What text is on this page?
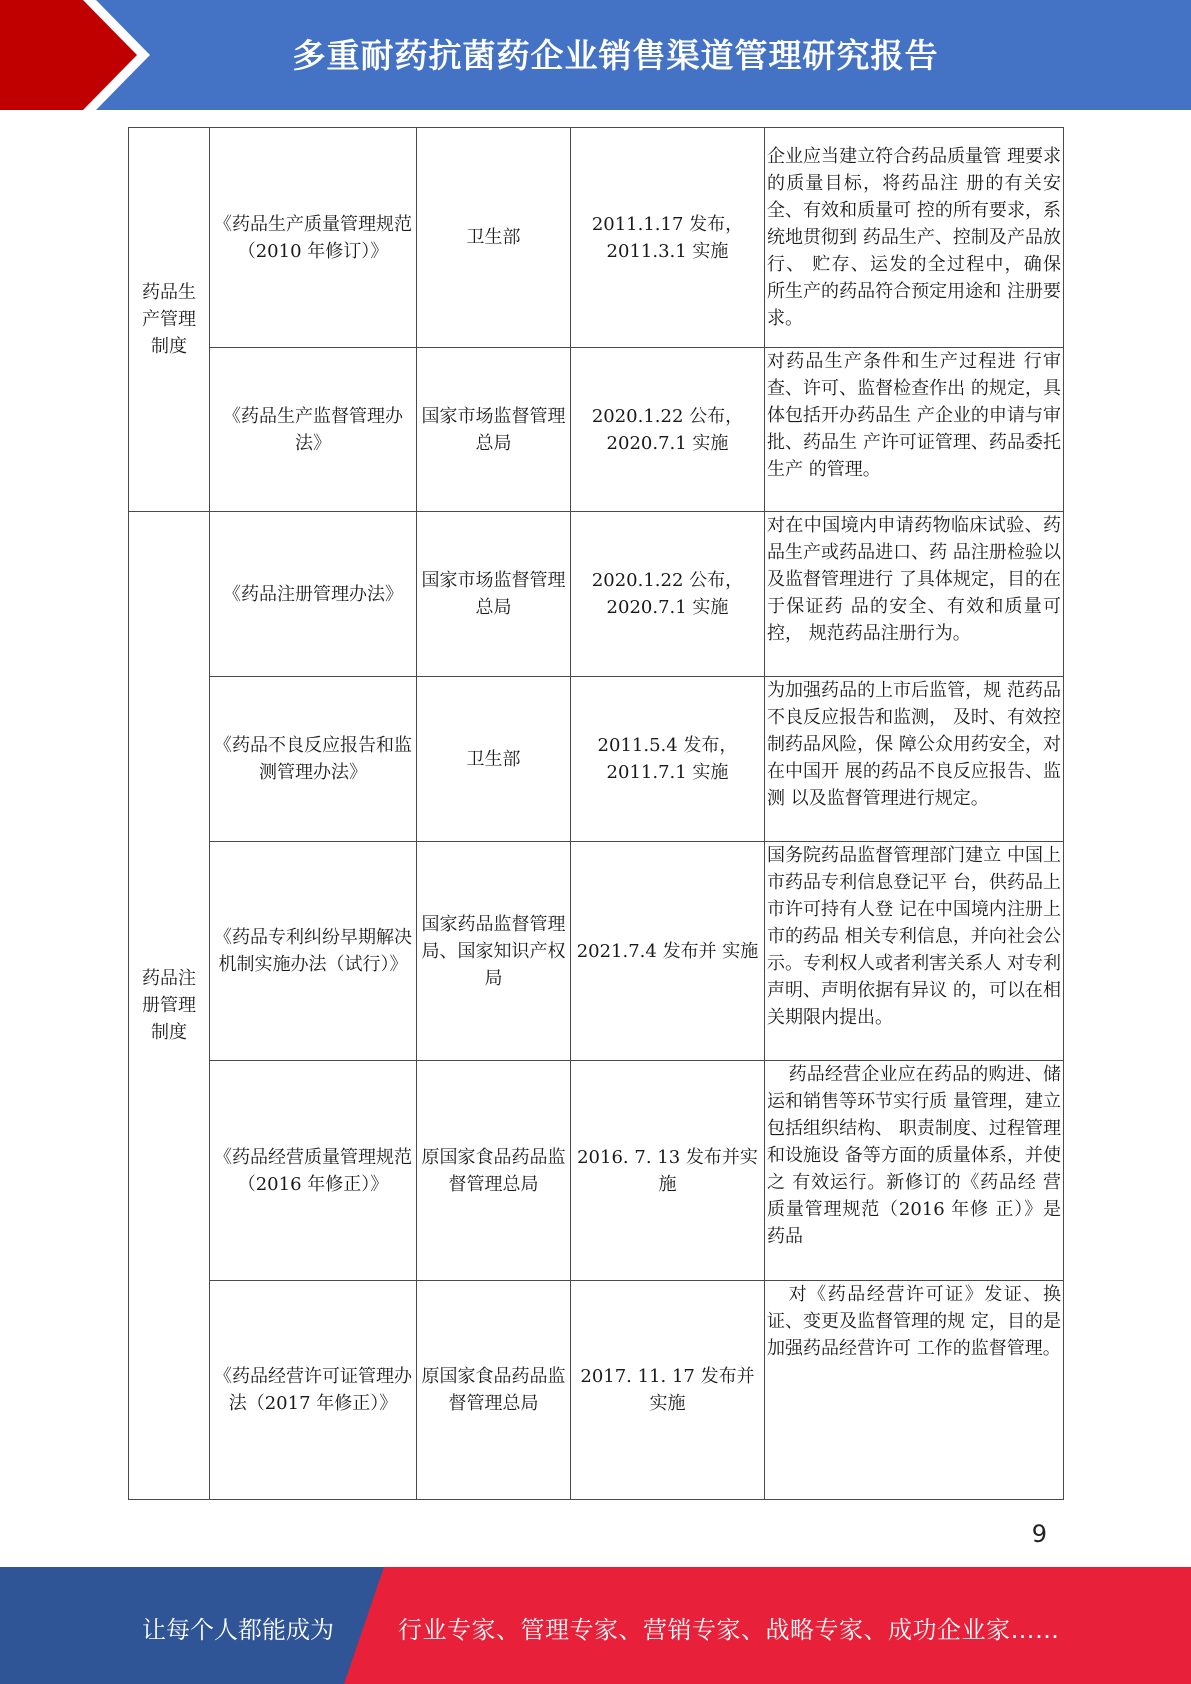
多重耐药抗菌药企业销售渠道管理研究报告
药品生
产管理
制度	《药品生产质量管理规范（2010 年修订）》	卫生部	2011.1.17 发布，2011.3.1 实施	企业应当建立符合药品质量管 理要求的质量目标，将药品注 册的有关安全、有效和质量可 控的所有要求，系统地贯彻到 药品生产、控制及产品放行、 贮存、运发的全过程中，确保 所生产的药品符合预定用途和 注册要求。
	《药品生产监督管理办法》	国家市场监督管理总局	2020.1.22 公布，2020.7.1 实施	对药品生产条件和生产过程进 行审查、许可、监督检查作出 的规定，具体包括开办药品生 产企业的申请与审批、药品生 产许可证管理、药品委托生产 的管理。
药品注
册管理
制度	《药品注册管理办法》	国家市场监督管理总局	2020.1.22 公布，2020.7.1 实施	对在中国境内申请药物临床试验、药品生产或药品进口、药 品注册检验以及监督管理进行 了具体规定，目的在于保证药 品的安全、有效和质量可控， 规范药品注册行为。
	《药品不良反应报告和监测管理办法》	卫生部	2011.5.4 发布，2011.7.1 实施	为加强药品的上市后监管，规 范药品不良反应报告和监测， 及时、有效控制药品风险，保 障公众用药安全，对在中国开 展的药品不良反应报告、监测 以及监督管理进行规定。
	《药品专利纠纷早期解决机制实施办法（试行）》	国家药品监督管理局、国家知识产权局	2021.7.4 发布并 实施	国务院药品监督管理部门建立 中国上市药品专利信息登记平 台，供药品上市许可持有人登 记在中国境内注册上市的药品 相关专利信息，并向社会公 示。专利权人或者利害关系人 对专利声明、声明依据有异议 的，可以在相关期限内提出。
	《药品经营质量管理规范（2016 年修正）》	原国家食品药品监督管理总局	2016. 7. 13 发布并实施	药品经营企业应在药品的购进、储运和销售等环节实行质 量管理，建立包括组织结构、 职责制度、过程管理和设施设 备等方面的质量体系，并使之 有效运行。新修订的《药品经 营质量管理规范（2016 年修 正）》是药品
	《药品经营许可证管理办法（2017 年修正）》	原国家食品药品监督管理总局	2017. 11. 17 发布并实施	对《药品经营许可证》发证、换证、变更及监督管理的规 定，目的是加强药品经营许可 工作的监督管理。
9
让每个人都能成为	行业专家、管理专家、营销专家、战略专家、成功企业家……
